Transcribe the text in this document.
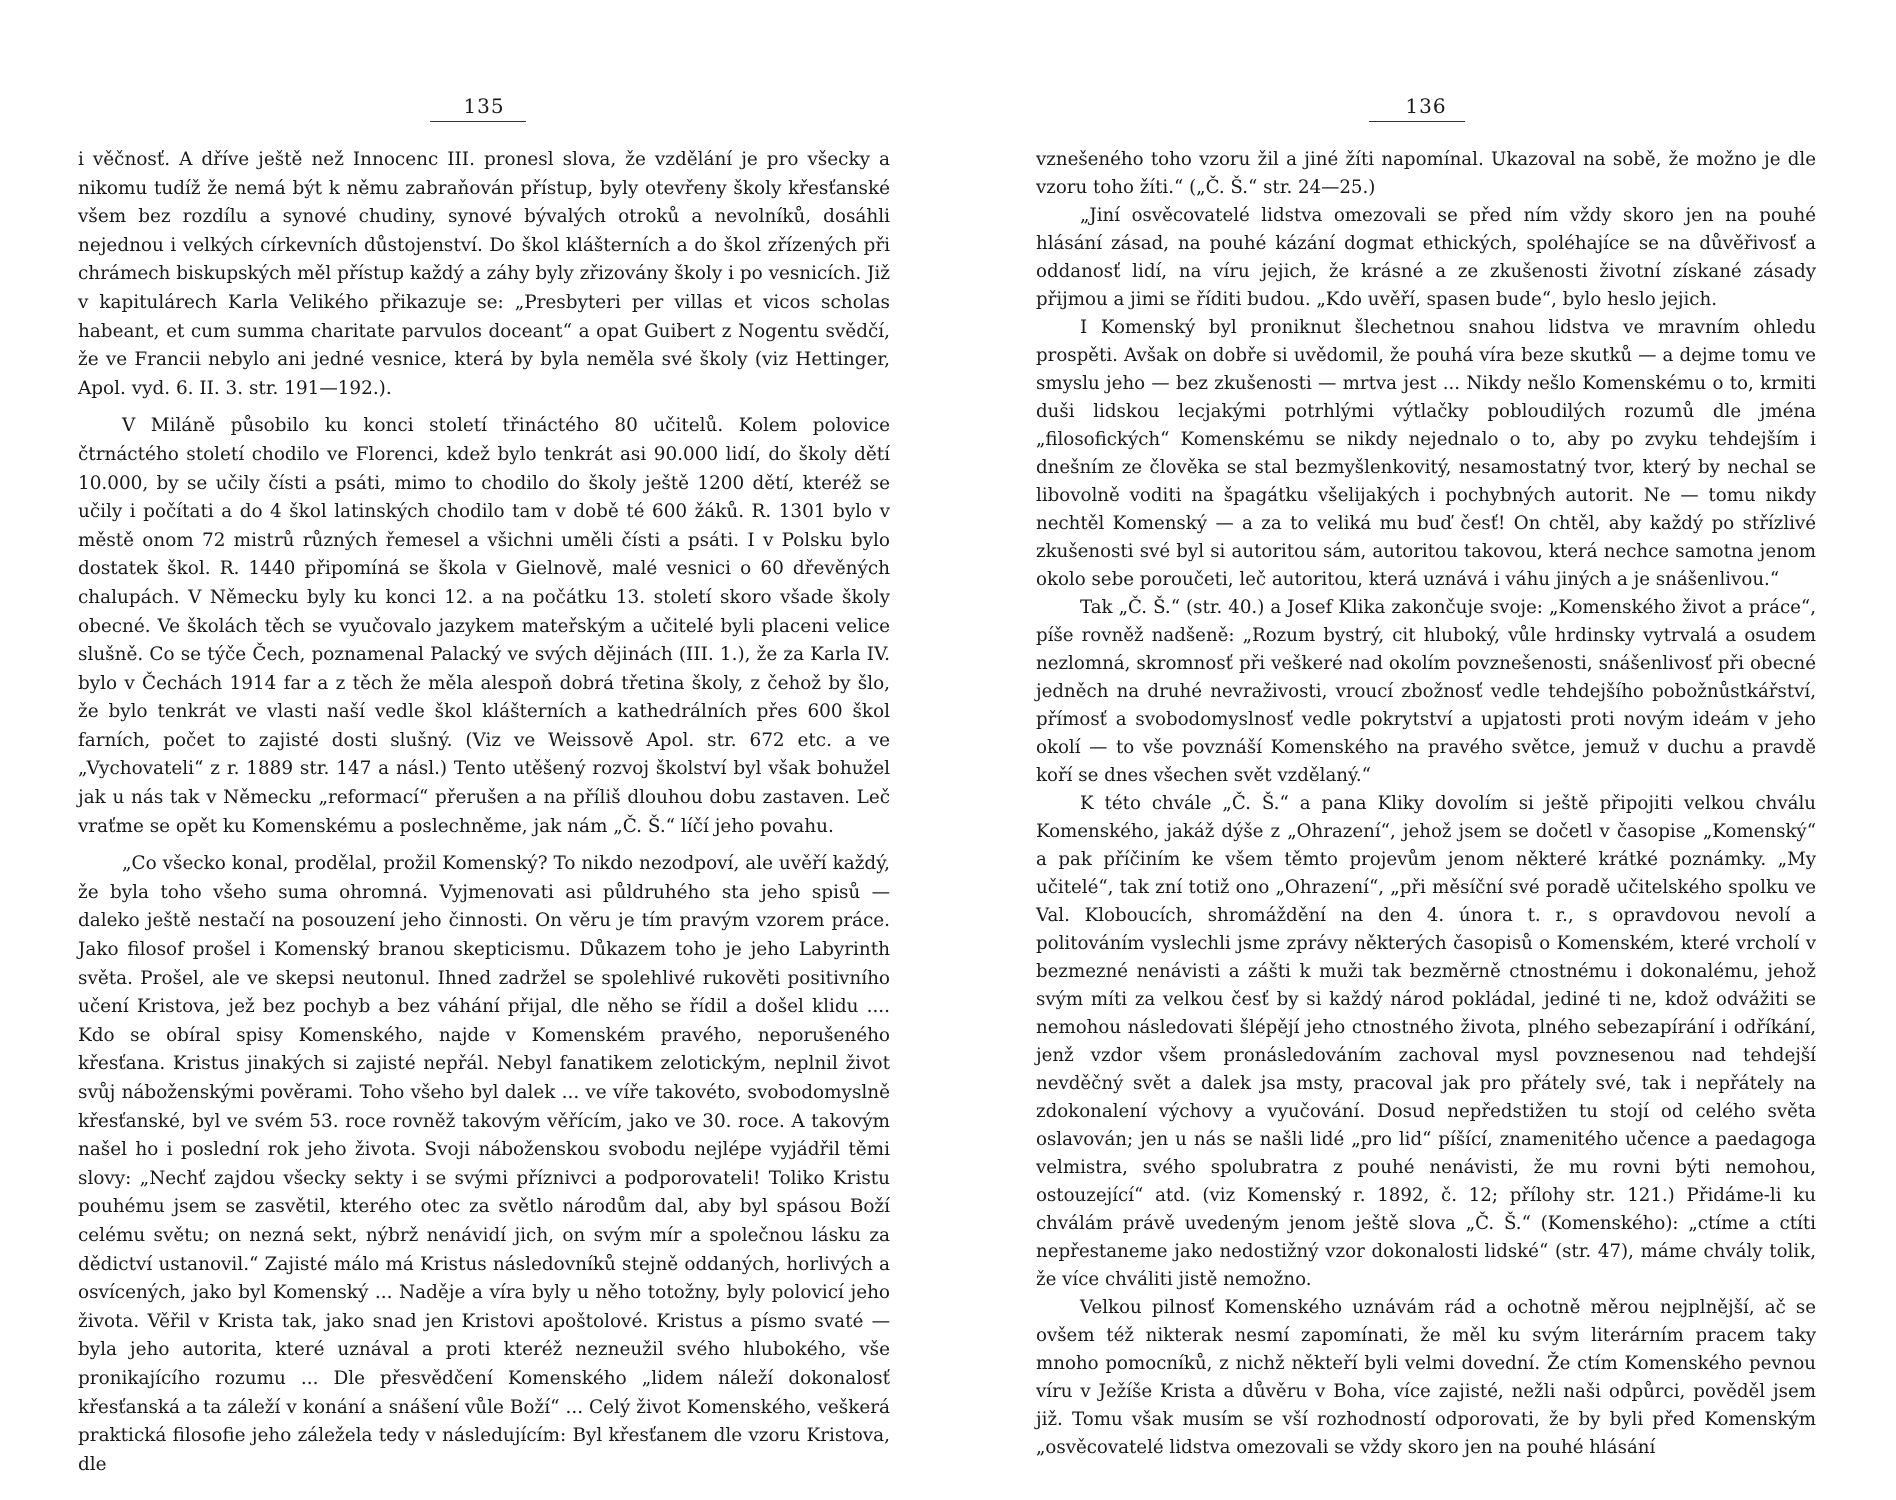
135

i věčnosť. A dříve ještě než Innocenc III. pronesl slova, že vzdělání je pro všecky a nikomu tudíž že nemá být k němu zabraňován přístup, byly otevřeny školy křesťanské všem bez rozdílu a synové chudiny, synové bývalých otroků a nevolníků, dosáhli nejednou i velkých církevních důstojenství. Do škol klášterních a do škol zřízených při chrámech biskupských měl přístup každý a záhy byly zřizovány školy i po vesnicích. Již v kapitulárech Karla Velikého přikazuje se: „Presbyteri per villas et vicos scholas habeant, et cum summa charitate parvulos doceant“ a opat Guibert z Nogentu svědčí, že ve Francii nebylo ani jedné vesnice, která by byla neměla své školy (viz Hettinger, Apol. vyd. 6. II. 3. str. 191—192.).

V Miláně působilo ku konci století třináctého 80 učitelů. Kolem polovice čtrnáctého století chodilo ve Florenci, kdež bylo tenkrát asi 90.000 lidí, do školy dětí 10.000, by se učily čísti a psáti, mimo to chodilo do školy ještě 1200 dětí, kteréž se učily i počítati a do 4 škol latinských chodilo tam v době té 600 žáků. R. 1301 bylo v městě onom 72 mistrů různých řemesel a všichni uměli čísti a psáti. I v Polsku bylo dostatek škol. R. 1440 připomíná se škola v Gielnově, malé vesnici o 60 dřevěných chalupách. V Německu byly ku konci 12. a na počátku 13. století skoro všade školy obecné. Ve školách těch se vyučovalo jazykem mateřským a učitelé byli placeni velice slušně. Co se týče Čech, poznamenal Palacký ve svých dějinách (III. 1.), že za Karla IV. bylo v Čechách 1914 far a z těch že měla alespoň dobrá třetina školy, z čehož by šlo, že bylo tenkrát ve vlasti naší vedle škol klášterních a kathedrálních přes 600 škol farních, počet to zajisté dosti slušný. (Viz ve Weissově Apol. str. 672 etc. a ve „Vychovateli“ z r. 1889 str. 147 a násl.) Tento utěšený rozvoj školství byl však bohužel jak u nás tak v Německu „reformací“ přerušen a na příliš dlouhou dobu zastaven. Leč vraťme se opět ku Komenskému a poslechněme, jak nám „Č. Š.“ líčí jeho povahu.

„Co všecko konal, prodělal, prožil Komenský? To nikdo nezodpoví, ale uvěří každý, že byla toho všeho suma ohromná. Vyjmenovati asi půldruhého sta jeho spisů — daleko ještě nestačí na posouzení jeho činnosti. On věru je tím pravým vzorem práce. Jako filosof prošel i Komenský branou skepticismu. Důkazem toho je jeho Labyrinth světa. Prošel, ale ve skepsi neutonul. Ihned zadržel se spolehlivé rukověti positivního učení Kristova, jež bez pochyb a bez váhání přijal, dle něho se řídil a došel klidu .... Kdo se obíral spisy Komenského, najde v Komenském pravého, neporušeného křesťana. Kristus jinakých si zajisté nepřál. Nebyl fanatikem zelotickým, neplnil život svůj náboženskými pověrami. Toho všeho byl dalek ... ve víře takovéto, svobodomyslně křesťanské, byl ve svém 53. roce rovněž takovým věřícím, jako ve 30. roce. A takovým našel ho i poslední rok jeho života. Svoji náboženskou svobodu nejlépe vyjádřil těmi slovy: „Nechť zajdou všecky sekty i se svými příznivci a podporovateli! Toliko Kristu pouhému jsem se zasvětil, kterého otec za světlo národům dal, aby byl spásou Boží celému světu; on nezná sekt, nýbrž nenávidí jich, on svým mír a společnou lásku za dědictví ustanovil.“ Zajisté málo má Kristus následovníků stejně oddaných, horlivých a osvícených, jako byl Komenský ... Naděje a víra byly u něho totožny, byly polovicí jeho života. Věřil v Krista tak, jako snad jen Kristovi apoštolové. Kristus a písmo svaté — byla jeho autorita, které uznával a proti kteréž nezneužil svého hlubokého, vše pronikajícího rozumu ... Dle přesvědčení Komenského „lidem náleží dokonalosť křesťanská a ta záleží v konání a snášení vůle Boží“ ... Celý život Komenského, veškerá praktická filosofie jeho záležela tedy v následujícím: Byl křesťanem dle vzoru Kristova, dle

136

vznešeného toho vzoru žil a jiné žíti napomínal. Ukazoval na sobě, že možno je dle vzoru toho žíti.“ („Č. Š.“ str. 24—25.)

„Jiní osvěcovatelé lidstva omezovali se před ním vždy skoro jen na pouhé hlásání zásad, na pouhé kázání dogmat ethických, spoléhajíce se na důvěřivosť a oddanosť lidí, na víru jejich, že krásné a ze zkušenosti životní získané zásady přijmou a jimi se říditi budou. „Kdo uvěří, spasen bude“, bylo heslo jejich.

I Komenský byl proniknut šlechetnou snahou lidstva ve mravním ohledu prospěti. Avšak on dobře si uvědomil, že pouhá víra beze skutků — a dejme tomu ve smyslu jeho — bez zkušenosti — mrtva jest ... Nikdy nešlo Komenskému o to, krmiti duši lidskou lecjakými potrhlými výtlačky pobloudilých rozumů dle jména „filosofických“ Komenskému se nikdy nejednalo o to, aby po zvyku tehdejším i dnešním ze člověka se stal bezmyšlenkovitý, nesamostatný tvor, který by nechal se libovolně voditi na špagátku všelijakých i pochybných autorit. Ne — tomu nikdy nechtěl Komenský — a za to veliká mu buď česť! On chtěl, aby každý po střízlivé zkušenosti své byl si autoritou sám, autoritou takovou, která nechce samotna jenom okolo sebe poroučeti, leč autoritou, která uznává i váhu jiných a je snášenlivou.“

Tak „Č. Š.“ (str. 40.) a Josef Klika zakončuje svoje: „Komenského život a práce“, píše rovněž nadšeně: „Rozum bystrý, cit hluboký, vůle hrdinsky vytrvalá a osudem nezlomná, skromnosť při veškeré nad okolím povznešenosti, snášenlivosť při obecné jedněch na druhé nevraživosti, vroucí zbožnosť vedle tehdejšího pobožnůstkářství, přímosť a svobodomyslnosť vedle pokrytství a upjatosti proti novým ideám v jeho okolí — to vše povznáší Komenského na pravého světce, jemuž v duchu a pravdě koří se dnes všechen svět vzdělaný.“

K této chvále „Č. Š.“ a pana Kliky dovolím si ještě připojiti velkou chválu Komenského, jakáž dýše z „Ohrazení“, jehož jsem se dočetl v časopise „Komenský“ a pak příčiním ke všem těmto projevům jenom některé krátké poznámky. „My učitelé“, tak zní totiž ono „Ohrazení“, „při měsíční své poradě učitelského spolku ve Val. Kloboucích, shromáždění na den 4. února t. r., s opravdovou nevolí a politováním vyslechli jsme zprávy některých časopisů o Komenském, které vrcholí v bezmezné nenávisti a zášti k muži tak bezměrně ctnostnému i dokonalému, jehož svým míti za velkou česť by si každý národ pokládal, jediné ti ne, kdož odvážiti se nemohou následovati šlépějí jeho ctnostného života, plného sebezapírání i odříkání, jenž vzdor všem pronásledováním zachoval mysl povznesenou nad tehdejší nevděčný svět a dalek jsa msty, pracoval jak pro přátely své, tak i nepřátely na zdokonalení výchovy a vyučování. Dosud nepředstižen tu stojí od celého světa oslavován; jen u nás se našli lidé „pro lid“ píšící, znamenitého učence a paedagoga velmistra, svého spolubratra z pouhé nenávisti, že mu rovni býti nemohou, ostouzející“ atd. (viz Komenský r. 1892, č. 12; přílohy str. 121.) Přidáme-li ku chválám právě uvedeným jenom ještě slova „Č. Š.“ (Komenského): „ctíme a ctíti nepřestaneme jako nedostižný vzor dokonalosti lidské“ (str. 47), máme chvály tolik, že více chváliti jistě nemožno.

Velkou pilnosť Komenského uznávám rád a ochotně měrou nejplnější, ač se ovšem též nikterak nesmí zapomínati, že měl ku svým literárním pracem taky mnoho pomocníků, z nichž někteří byli velmi dovední. Že ctím Komenského pevnou víru v Ježíše Krista a důvěru v Boha, více zajisté, nežli naši odpůrci, pověděl jsem již. Tomu však musím se vší rozhodností odporovati, že by byli před Komenským „osvěcovatelé lidstva omezovali se vždy skoro jen na pouhé hlásání
